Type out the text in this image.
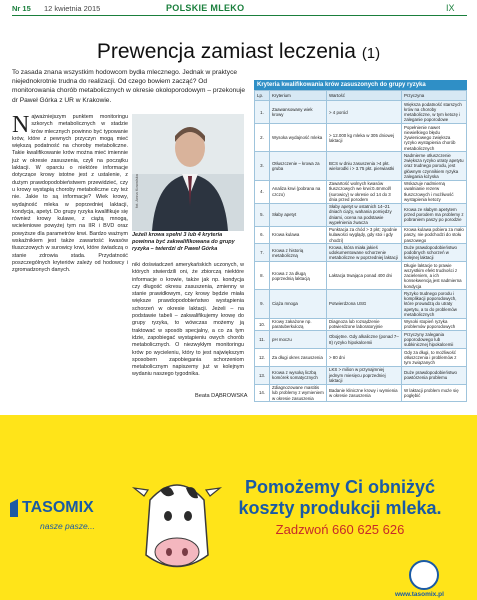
Nr 15 12 kwietnia 2015	POLSKIE MLEKO	IX
Prewencja zamiast leczenia (1)
To zasada znana wszystkim hodowcom bydła mlecznego. Jednak w praktyce niejednokrotnie trudna do realizacji. Od czego bowiem zacząć? Od monitorowania chorób metabolicznych w okresie okołoporodowym – przekonuje dr Paweł Górka z UR w Krakowie.
N ajważniejszym punktem monitoringu szkorych metabolicznych w stadzie krów mlecznych powinno być typowanie krów, które z pewnych przyczyn mogą mieć większą podatność na choroby metaboliczne. Takie kwalifikowanie krów można mieć imiennie już w okresie zasuszenia, czyli na początku laktacji. W oparciu o niektóre informacje dotyczące krowy istotne jest z ustalenie, z dużym prawdopodobieństwem przewidzieć, czy u krowy wystąpią choroby metaboliczne czy też nie. Jakie to są informacje? Wiek krowy, wydajność mleka w poprzedniej laktacji, kondycja, apetyt. Do grupy ryzyka kwalifikuje się również krowy kulawe, z ciążą mnogą, wcieleniowe powyżej tym na IIR i BVD oraz powyższe dla parametrów krwi. Bardzo ważnym wskaźnikiem jest także zawartość kwasów tłuszczowych w surowicy krwi, które świadczą o stanie zdrowia stada. Przydatność poszczególnych kryteriów zależy od hodowcy i zgromadzonych danych.
fot. Anna Kowalska
Jeżeli krowa spełni 3 lub 4 kryteria powinna być zakwalifikowana do grupy ryzyka – twierdzi dr Paweł Górka
niki doświadczeń amerykańskich uczonych, w których stwierdzili oni, że zbiorczą niektóre informacje o krowie, także jak np. kondycja czy długość okresu zasuszenia, zmienny w stanie prawidłowym, czy krowy będzie miała większe prawdopodobieństwo wystąpienia schorzeń w okresie laktacji. Jeżeli – na podstawie tabeli – zakwalifikujemy krowę do grupy ryzyka, to wówczas możemy ją traktować w sposób specjalny, a co za tym idzie, zapobiegać wystąpieniu owych chorób metabolicznych. O niezwykłym monitoringu krów po wycieleniu, który to jest największym sposobem zapobiegania schorzeniom metabolicznym napiszemy już w kolejnym wydaniu naszego tygodnika.
Beata DĄBROWSKA
Kryteria kwalifikowania krów zasuszonych do grupy ryzyka
Lp.	Kryterium	Wartość	Przyczyna
1.	Zaawansowany wiek krowy	> 4 poród	Większa podatność starszych krów na choroby metaboliczne, w tym ketozę i zaleganie poporodowe
2.	Wysoka wydajność mleka	> 12.000 kg mleka w 305 dniowej laktacji	Popełnienie nawet niewielkiego błędu żywieniowego zwiększa ryzyko wystąpienia chorób metabolicznych
3.	Otłuszczenie – krowa za gruba	BCS w dniu zasuszenia >4 pkt. wielorodki i > 3.75 pkt. pierwiastki	Nadmierne otłuszczenie zwiększa ryzyko utraty apetytu oraz trudnego porodu, jest głównym czynnikiem ryzyka zalegania łożyska
4.	Analiza krwi (pobrana na czczo)	Zawartość wolnych kwasów tłuszczowych we krwi:0.4mmol/l (surowicy) w okresie od 14 do 3 dnia przed porodem	Wskazuje nadmierną uwalnianie rezerw tłuszczowych i możliwość wystąpienia ketozy
5.	Słaby apetyt	Słaby apetyt w ostatnich 14–21 dniach ciąży, wahania pomiędzy dniami, ocena na podstawie wypełnienia żwacza	Krowa ze słabym apetytem przed porodem ma problemy z pobraniem paszy po porodzie
6.	Krowa kulawa	Punktacja za chód > 3 pkt; zgodnie kulawości wyglądy, gdy stoi i gdy chodzi)	Krowa kulawa pobiera za mało paszy, nie podchodzi do stołu paszowego
7.	Krowa z historią metaboliczną	Krowa, która miała jakieś udokumentowane schorzenie metaboliczne w poprzedniej laktacji	Duże prawdopodobieństwo podobnych schorzeń w kolejnej laktacji
8.	Krowa z za długą poprzednią laktacją	Laktacja trwająca ponad 400 dni	Długie laktacje to prawie wszystkim efekt trudności z zacieleniem, a ich konsekwencją jest nadmierna kondycja
9.	Ciąża mnoga	Potwierdzona USG	Ryzyko trudnego porodu i komplikacji poporodowych, które prowadzą do utraty apetytu, a to do problemów metabolicznych
10.	Krowy zakażone np. paratuberkulozą	Diagnoza lub rozsądzenie potwierdzone laboratoryjnie	Wysoki stopień ryzyka problemów poporodowych
11.	pH moczu	Obojętne. Gdy alkaliczne (ponad 7–8) ryzyko hipokalcemii	Przyczyny zalegania poporodowego lub subkinicznej hipokalcemii
12.	Za długi okres zasuszenia	> 80 dni	Gdy za długi, to możliwość otłuszczenia i problemów z tym związanych
13.	Krowa z wysoką liczbą komórek somatycznych	LKS > milion w przynajmniej jednym miesięcu poprzedniej laktacji	Duże prawdopodobieństwo powtórzenia problemu
14.	Zdiagnozowane mastitis lub problemy z wymieniem w okresie zasuszenia	Badanie kliniczne krowy i wymienia w okresie zasuszenia	W laktacji problem może się pogłębić
TASOMIX
nasze pasze...
Pomożemy Ci obniżyć
koszty produkcji mleka.
Zadzwoń 660 625 626
www.tasomix.pl
